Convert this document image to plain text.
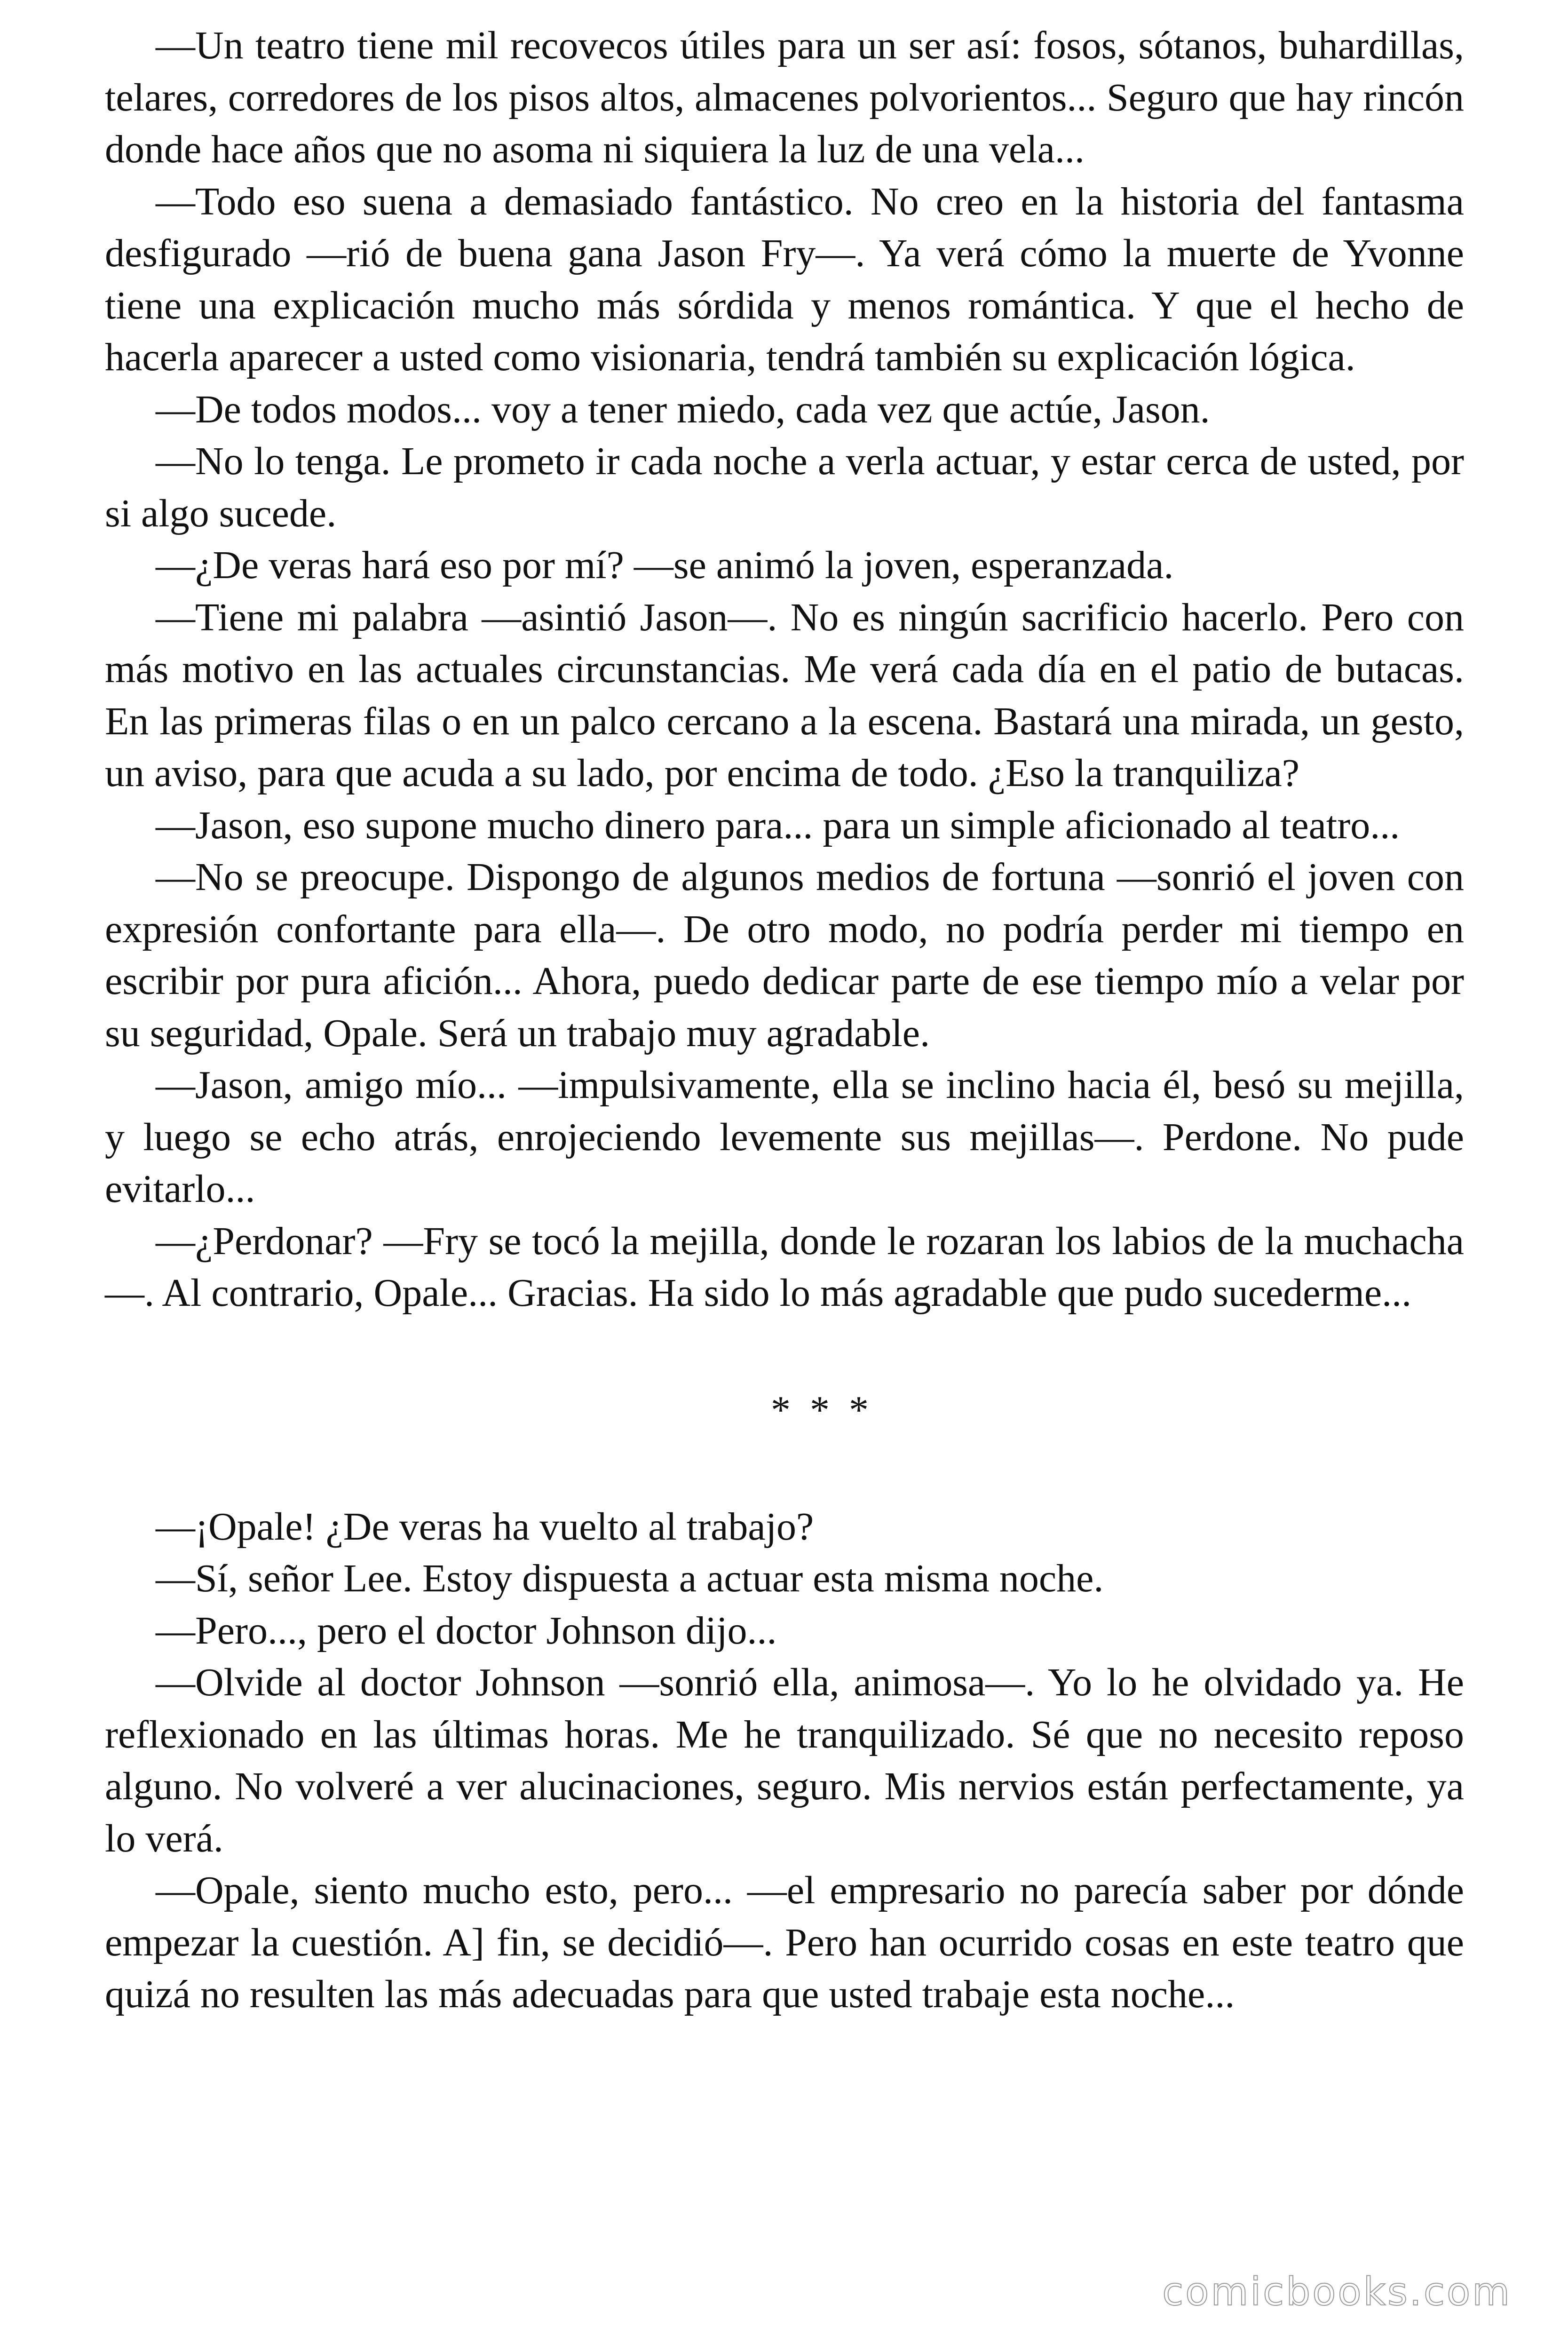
—Un teatro tiene mil recovecos útiles para un ser así: fosos, sótanos, buhardillas, telares, corredores de los pisos altos, almacenes polvorientos... Seguro que hay rincón donde hace años que no asoma ni siquiera la luz de una vela...

—Todo eso suena a demasiado fantástico. No creo en la historia del fantasma desfigurado —rió de buena gana Jason Fry—. Ya verá cómo la muerte de Yvonne tiene una explicación mucho más sórdida y menos romántica. Y que el hecho de hacerla aparecer a usted como visionaria, tendrá también su explicación lógica.

—De todos modos... voy a tener miedo, cada vez que actúe, Jason.

—No lo tenga. Le prometo ir cada noche a verla actuar, y estar cerca de usted, por si algo sucede.

—¿De veras hará eso por mí? —se animó la joven, esperanzada.

—Tiene mi palabra —asintió Jason—. No es ningún sacrificio hacerlo. Pero con más motivo en las actuales circunstancias. Me verá cada día en el patio de butacas. En las primeras filas o en un palco cercano a la escena. Bastará una mirada, un gesto, un aviso, para que acuda a su lado, por encima de todo. ¿Eso la tranquiliza?

—Jason, eso supone mucho dinero para... para un simple aficionado al teatro...

—No se preocupe. Dispongo de algunos medios de fortuna —sonrió el joven con expresión confortante para ella—. De otro modo, no podría perder mi tiempo en escribir por pura afición... Ahora, puedo dedicar parte de ese tiempo mío a velar por su seguridad, Opale. Será un trabajo muy agradable.

—Jason, amigo mío... —impulsivamente, ella se inclino hacia él, besó su mejilla, y luego se echo atrás, enrojeciendo levemente sus mejillas—. Perdone. No pude evitarlo...

—¿Perdonar? —Fry se tocó la mejilla, donde le rozaran los labios de la muchacha—. Al contrario, Opale... Gracias. Ha sido lo más agradable que pudo sucederme...

* * *

—¡Opale! ¿De veras ha vuelto al trabajo?

—Sí, señor Lee. Estoy dispuesta a actuar esta misma noche.

—Pero..., pero el doctor Johnson dijo...

—Olvide al doctor Johnson —sonrió ella, animosa—. Yo lo he olvidado ya. He reflexionado en las últimas horas. Me he tranquilizado. Sé que no necesito reposo alguno. No volveré a ver alucinaciones, seguro. Mis nervios están perfectamente, ya lo verá.

—Opale, siento mucho esto, pero... —el empresario no parecía saber por dónde empezar la cuestión. A] fin, se decidió—. Pero han ocurrido cosas en este teatro que quizá no resulten las más adecuadas para que usted trabaje esta noche...

comicbooks.com
